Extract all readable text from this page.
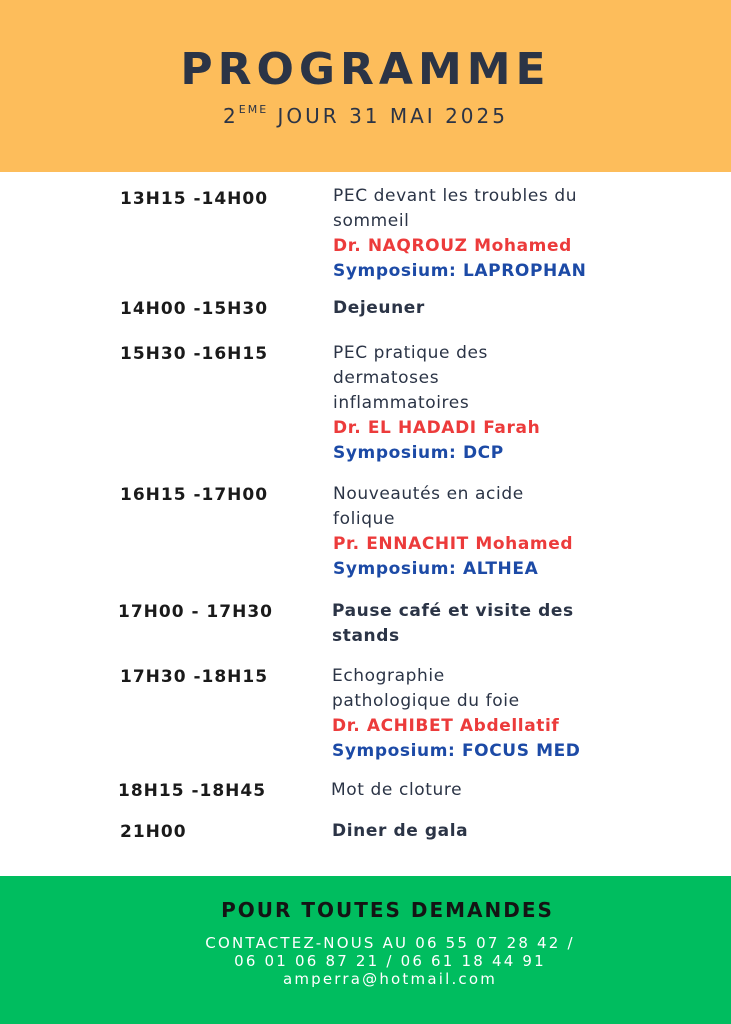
PROGRAMME
2EME JOUR 31 MAI 2025
13H15 -14H00	PEC devant les troubles du
sommeil
Dr. NAQROUZ Mohamed
Symposium: LAPROPHAN
14H00 -15H30	Dejeuner
15H30 -16H15	PEC pratique des
dermatoses
inflammatoires
Dr. EL HADADI Farah
Symposium: DCP
16H15 -17H00	Nouveautés en acide
folique
Pr. ENNACHIT Mohamed
Symposium: ALTHEA
17H00 - 17H30	Pause café et visite des
stands
17H30 -18H15	Echographie
pathologique du foie
Dr. ACHIBET Abdellatif
Symposium: FOCUS MED
18H15 -18H45	Mot de cloture
21H00	Diner de gala
POUR TOUTES DEMANDES
CONTACTEZ-NOUS AU 06 55 07 28 42 /
06 01 06 87 21 / 06 61 18 44 91
amperra@hotmail.com
